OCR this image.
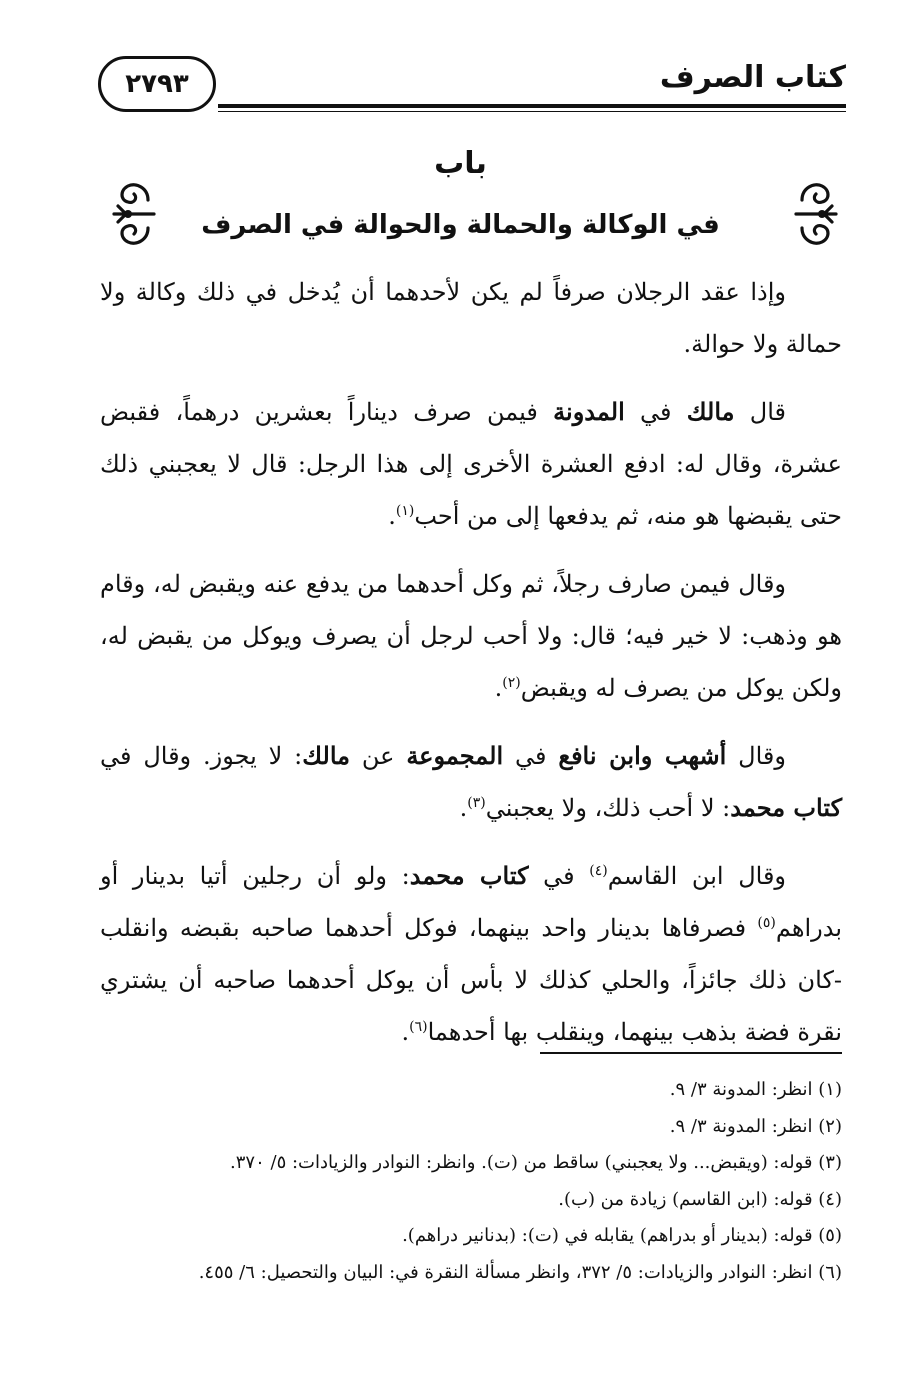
٢٧٩٣	كتاب الصرف
باب
في الوكالة والحمالة والحوالة في الصرف

وإذا عقد الرجلان صرفاً لم يكن لأحدهما أن يُدخل في ذلك وكالة ولا حمالة ولا حوالة.

قال مالك في المدونة فيمن صرف ديناراً بعشرين درهماً، فقبض عشرة، وقال له: ادفع العشرة الأخرى إلى هذا الرجل: قال لا يعجبني ذلك حتى يقبضها هو منه، ثم يدفعها إلى من أحب$^{(١)}$.

وقال فيمن صارف رجلاً، ثم وكل أحدهما من يدفع عنه ويقبض له، وقام هو وذهب: لا خير فيه؛ قال: ولا أحب لرجل أن يصرف ويوكل من يقبض له، ولكن يوكل من يصرف له ويقبض$^{(٢)}$.

وقال أشهب وابن نافع في المجموعة عن مالك: لا يجوز. وقال في كتاب محمد: لا أحب ذلك، ولا يعجبني$^{(٣)}$.

وقال ابن القاسم$^{(٤)}$ في كتاب محمد: ولو أن رجلين أتيا بدينار أو بدراهم$^{(٥)}$ فصرفاها بدينار واحد بينهما، فوكل أحدهما صاحبه بقبضه وانقلب -كان ذلك جائزاً، والحلي كذلك لا بأس أن يوكل أحدهما صاحبه أن يشتري نقرة فضة بذهب بينهما، وينقلب بها أحدهما$^{(٦)}$.

(١) انظر: المدونة ٣/ ٩.
(٢) انظر: المدونة ٣/ ٩.
(٣) قوله: (ويقبض... ولا يعجبني) ساقط من (ت). وانظر: النوادر والزيادات: ٥/ ٣٧٠.
(٤) قوله: (ابن القاسم) زيادة من (ب).
(٥) قوله: (بدينار أو بدراهم) يقابله في (ت): (بدنانير دراهم).
(٦) انظر: النوادر والزيادات: ٥/ ٣٧٢، وانظر مسألة النقرة في: البيان والتحصيل: ٦/ ٤٥٥.
